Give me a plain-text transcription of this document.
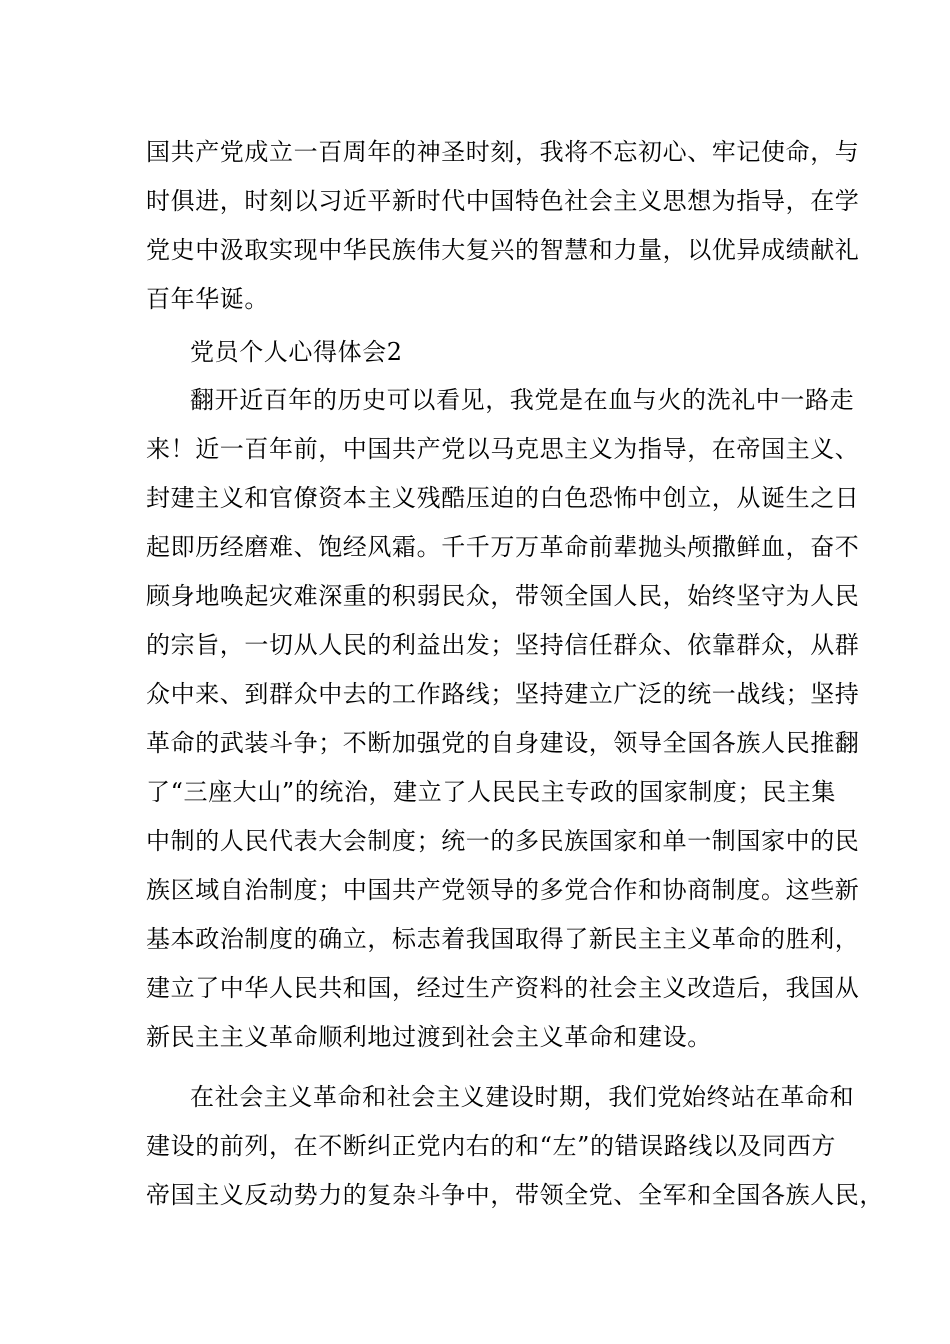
国共产党成立一百周年的神圣时刻，我将不忘初心、牢记使命，与
时俱进，时刻以习近平新时代中国特色社会主义思想为指导，在学
党史中汲取实现中华民族伟大复兴的智慧和力量，以优异成绩献礼
百年华诞。
党员个人心得体会2
翻开近百年的历史可以看见，我党是在血与火的洗礼中一路走
来！近一百年前，中国共产党以马克思主义为指导，在帝国主义、
封建主义和官僚资本主义残酷压迫的白色恐怖中创立，从诞生之日
起即历经磨难、饱经风霜。千千万万革命前辈抛头颅撒鲜血，奋不
顾身地唤起灾难深重的积弱民众，带领全国人民，始终坚守为人民
的宗旨，一切从人民的利益出发；坚持信任群众、依靠群众，从群
众中来、到群众中去的工作路线；坚持建立广泛的统一战线；坚持
革命的武装斗争；不断加强党的自身建设，领导全国各族人民推翻
了“三座大山”的统治，建立了人民民主专政的国家制度；民主集
中制的人民代表大会制度；统一的多民族国家和单一制国家中的民
族区域自治制度；中国共产党领导的多党合作和协商制度。这些新
基本政治制度的确立，标志着我国取得了新民主主义革命的胜利，
建立了中华人民共和国，经过生产资料的社会主义改造后，我国从
新民主主义革命顺利地过渡到社会主义革命和建设。
在社会主义革命和社会主义建设时期，我们党始终站在革命和
建设的前列，在不断纠正党内右的和“左”的错误路线以及同西方
帝国主义反动势力的复杂斗争中，带领全党、全军和全国各族人民，
